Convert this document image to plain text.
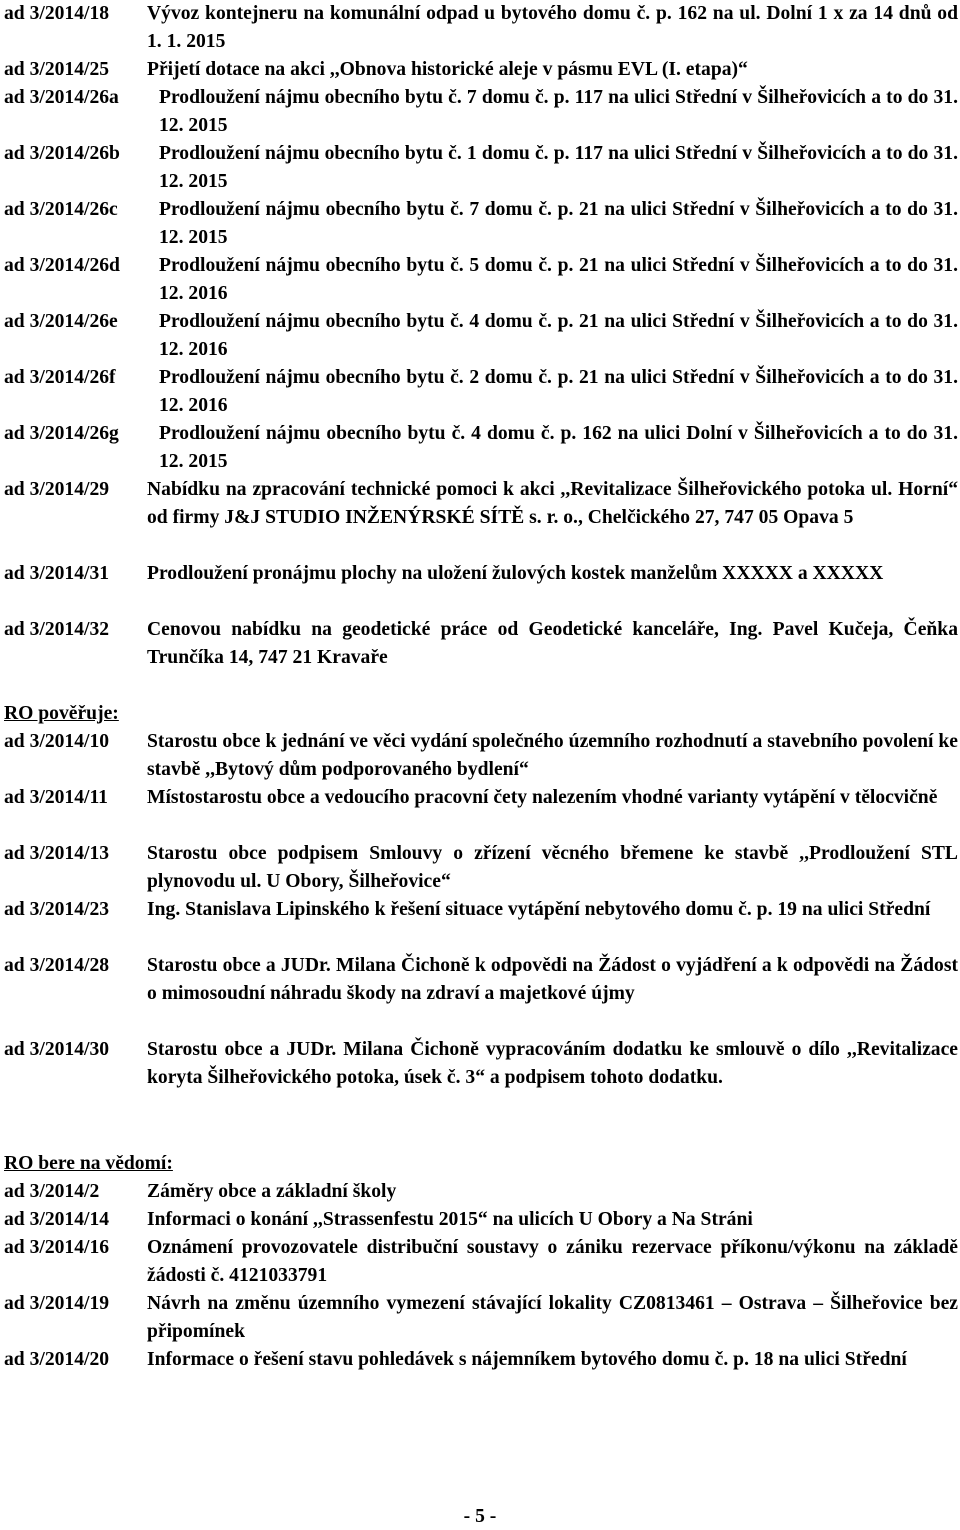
ad 3/2014/18 Vývoz kontejneru na komunální odpad u bytového domu č. p. 162 na ul. Dolní 1 x za 14 dnů od 1. 1. 2015
ad 3/2014/25 Přijetí dotace na akci ,,Obnova historické aleje v pásmu EVL (I. etapa)“
ad 3/2014/26a Prodloužení nájmu obecního bytu č. 7 domu č. p. 117 na ulici Střední v Šilheřovicích a to do 31. 12. 2015
ad 3/2014/26b Prodloužení nájmu obecního bytu č. 1 domu č. p. 117 na ulici Střední v Šilheřovicích a to do 31. 12. 2015
ad 3/2014/26c Prodloužení nájmu obecního bytu č. 7 domu č. p. 21 na ulici Střední v Šilheřovicích a to do 31. 12. 2015
ad 3/2014/26d Prodloužení nájmu obecního bytu č. 5 domu č. p. 21 na ulici Střední v Šilheřovicích a to do 31. 12. 2016
ad 3/2014/26e Prodloužení nájmu obecního bytu č. 4 domu č. p. 21 na ulici Střední v Šilheřovicích a to do 31. 12. 2016
ad 3/2014/26f Prodloužení nájmu obecního bytu č. 2 domu č. p. 21 na ulici Střední v Šilheřovicích a to do 31. 12. 2016
ad 3/2014/26g Prodloužení nájmu obecního bytu č. 4 domu č. p. 162 na ulici Dolní v Šilheřovicích a to do 31. 12. 2015
ad 3/2014/29 Nabídku na zpracování technické pomoci k akci ,,Revitalizace Šilheřovického potoka ul. Horní“ od firmy J&J STUDIO INŽENÝRSKÉ SÍTĚ s. r. o., Chelčického 27, 747 05 Opava 5
ad 3/2014/31 Prodloužení pronájmu plochy na uložení žulových kostek manželům XXXXX a XXXXX
ad 3/2014/32 Cenovou nabídku na geodetické práce od Geodetické kanceláře, Ing. Pavel Kučeja, Čeňka Trunčíka 14, 747 21 Kravaře
RO pověřuje:
ad 3/2014/10 Starostu obce k jednání ve věci vydání společného územního rozhodnutí a stavebního povolení ke stavbě ,,Bytový dům podporovaného bydlení“
ad 3/2014/11 Místostarostu obce a vedoucího pracovní čety nalezením vhodné varianty vytápění v tělocvičně
ad 3/2014/13 Starostu obce podpisem Smlouvy o zřízení věcného břemene ke stavbě ,,Prodloužení STL plynovodu ul. U Obory, Šilheřovice“
ad 3/2014/23 Ing. Stanislava Lipinského k řešení situace vytápění nebytového domu č. p. 19 na ulici Střední
ad 3/2014/28 Starostu obce a JUDr. Milana Čichoně k odpovědi na Žádost o vyjádření a k odpovědi na Žádost o mimosoudní náhradu škody na zdraví a majetkové újmy
ad 3/2014/30 Starostu obce a JUDr. Milana Čichoně vypracováním dodatku ke smlouvě o dílo ,,Revitalizace koryta Šilheřovického potoka, úsek č. 3“ a podpisem tohoto dodatku.
RO bere na vědomí:
ad 3/2014/2 Záměry obce a základní školy
ad 3/2014/14 Informaci o konání ,,Strassenfestu 2015“ na ulicích U Obory a Na Stráni
ad 3/2014/16 Oznámení provozovatele distribuční soustavy o zániku rezervace příkonu/výkonu na základě žádosti č. 4121033791
ad 3/2014/19 Návrh na změnu územního vymezení stávající lokality CZ0813461 – Ostrava – Šilheřovice bez připomínek
ad 3/2014/20 Informace o řešení stavu pohledávek s nájemníkem bytového domu č. p. 18 na ulici Střední
- 5 -
